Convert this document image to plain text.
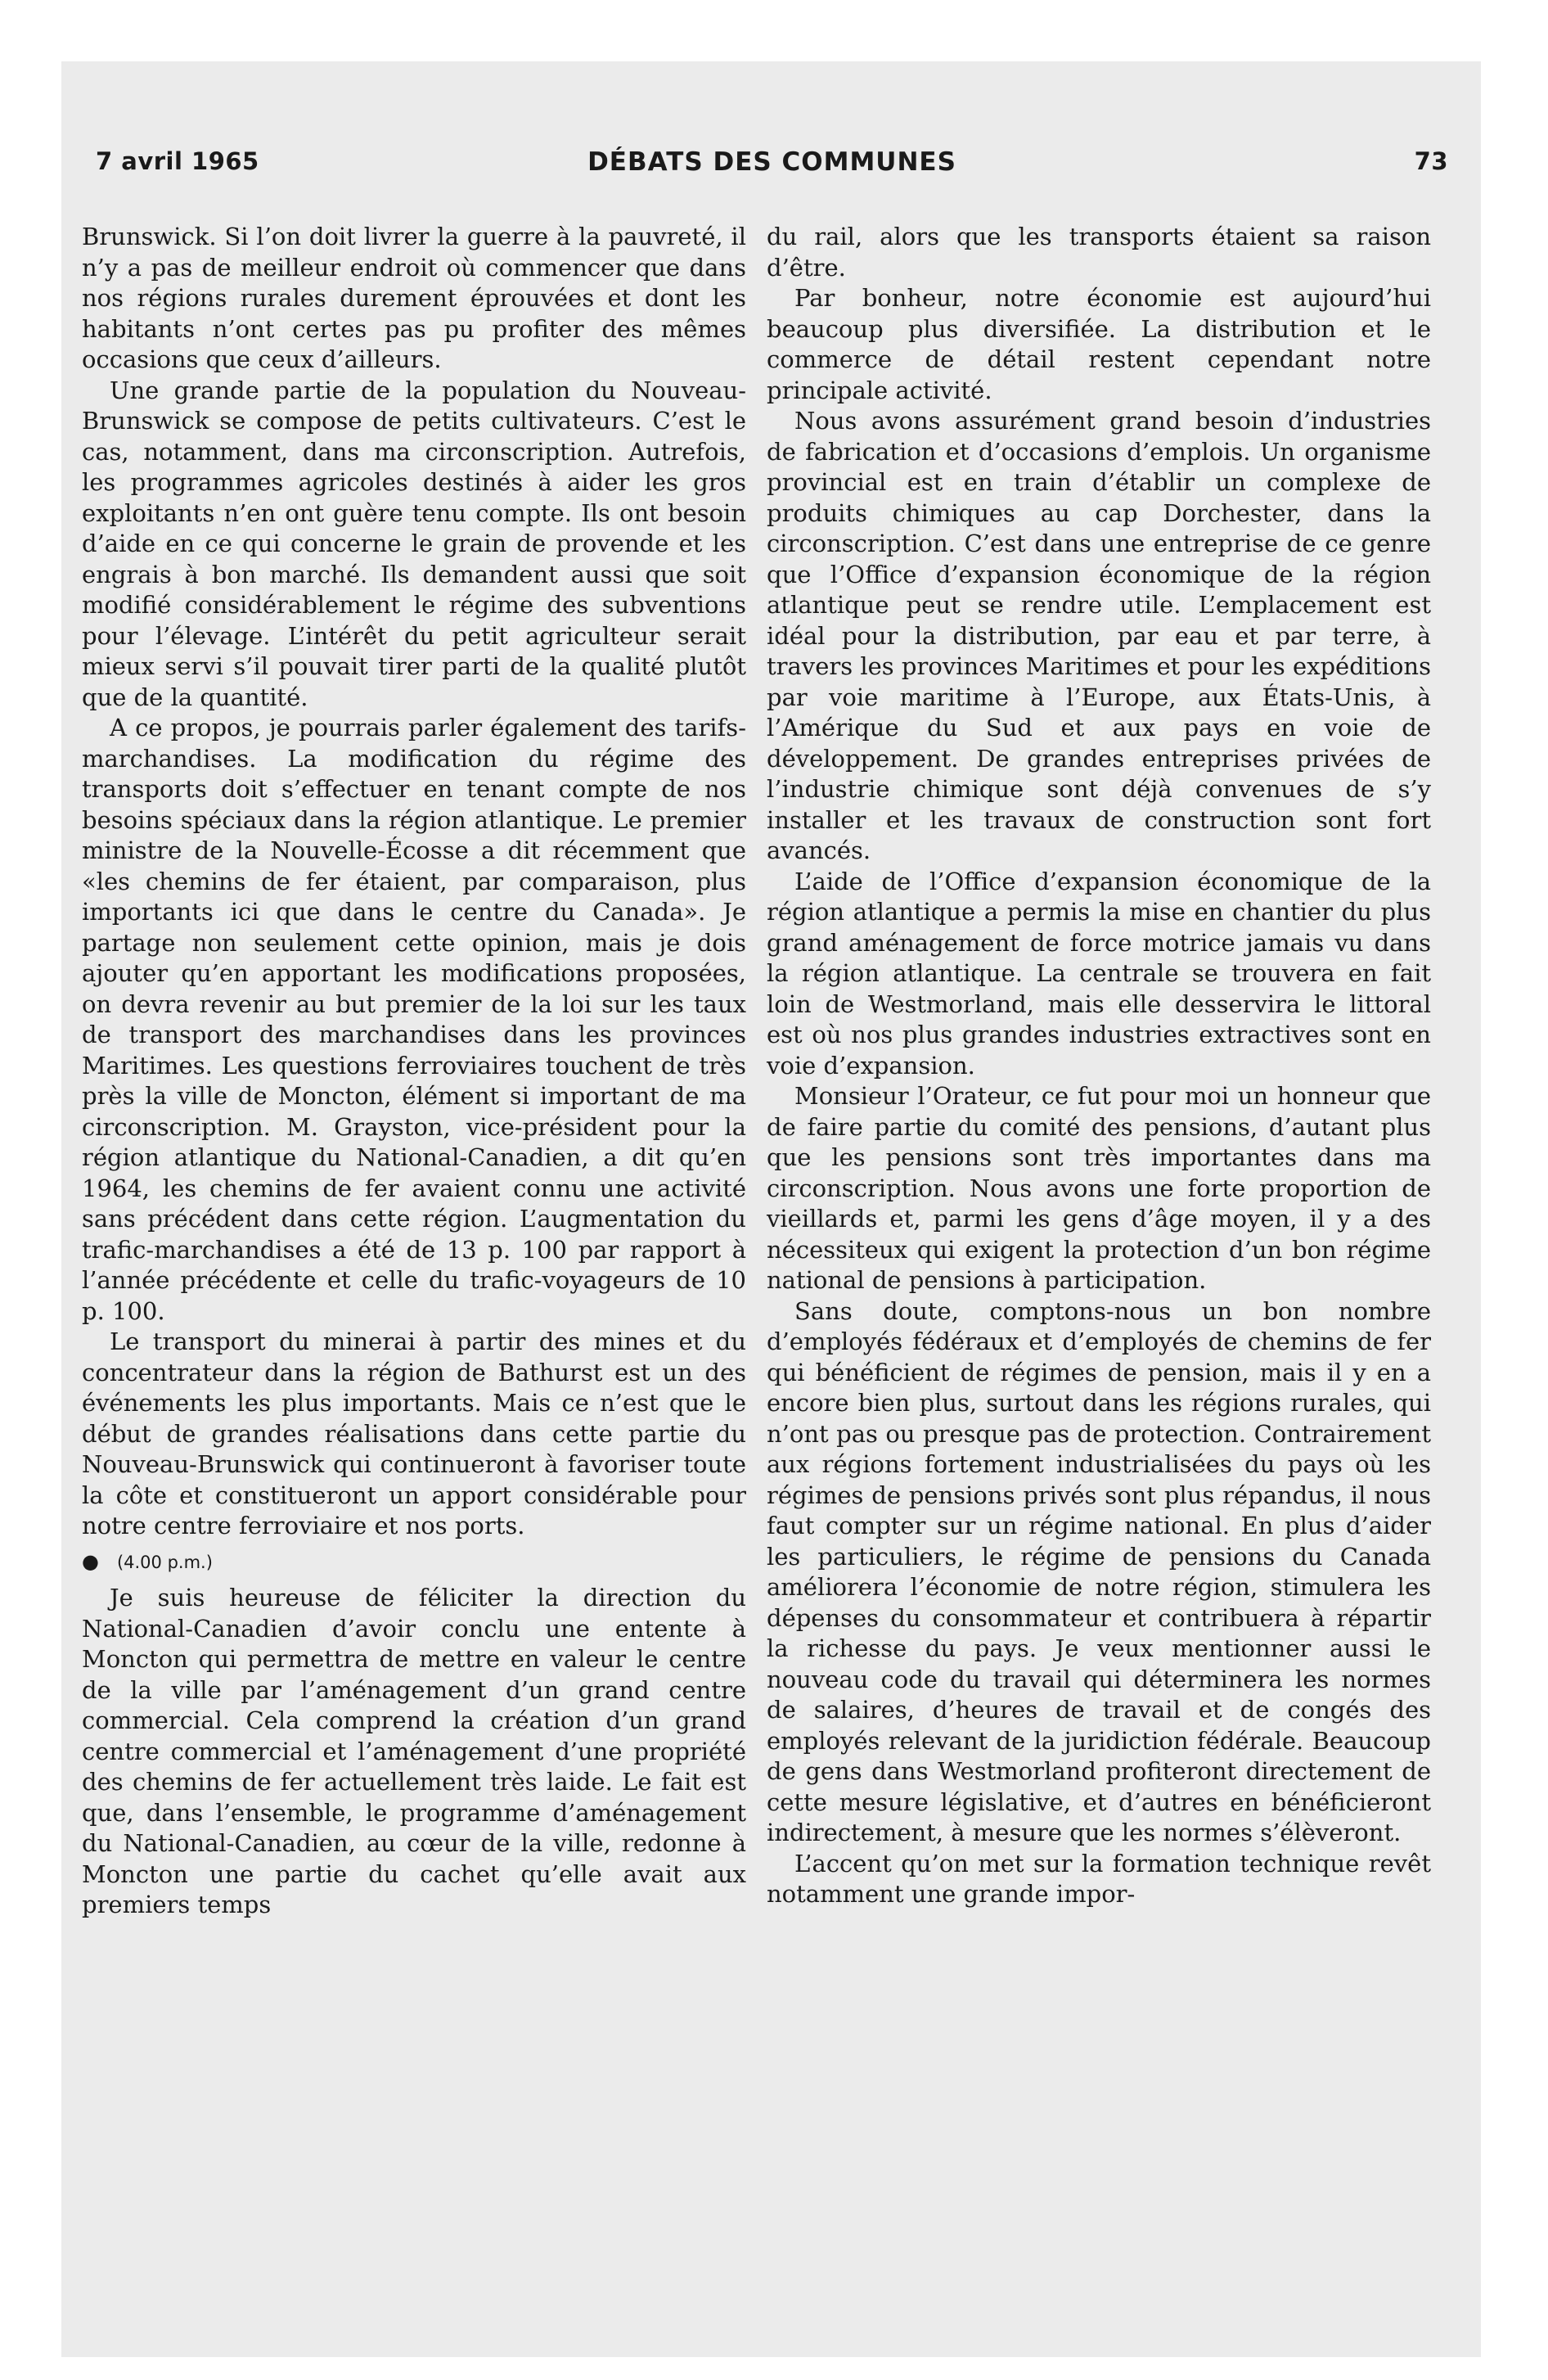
7 avril 1965	DÉBATS DES COMMUNES	73

Brunswick. Si l’on doit livrer la guerre à la pauvreté, il n’y a pas de meilleur endroit où commencer que dans nos régions rurales durement éprouvées et dont les habitants n’ont certes pas pu profiter des mêmes occasions que ceux d’ailleurs.

Une grande partie de la population du Nouveau-Brunswick se compose de petits cultivateurs. C’est le cas, notamment, dans ma circonscription. Autrefois, les programmes agricoles destinés à aider les gros exploitants n’en ont guère tenu compte. Ils ont besoin d’aide en ce qui concerne le grain de provende et les engrais à bon marché. Ils demandent aussi que soit modifié considérablement le régime des subventions pour l’élevage. L’intérêt du petit agriculteur serait mieux servi s’il pouvait tirer parti de la qualité plutôt que de la quantité.

A ce propos, je pourrais parler également des tarifs-marchandises. La modification du régime des transports doit s’effectuer en tenant compte de nos besoins spéciaux dans la région atlantique. Le premier ministre de la Nouvelle-Écosse a dit récemment que «les chemins de fer étaient, par comparaison, plus importants ici que dans le centre du Canada». Je partage non seulement cette opinion, mais je dois ajouter qu’en apportant les modifications proposées, on devra revenir au but premier de la loi sur les taux de transport des marchandises dans les provinces Maritimes. Les questions ferroviaires touchent de très près la ville de Moncton, élément si important de ma circonscription. M. Grayston, vice-président pour la région atlantique du National-Canadien, a dit qu’en 1964, les chemins de fer avaient connu une activité sans précédent dans cette région. L’augmentation du trafic-marchandises a été de 13 p. 100 par rapport à l’année précédente et celle du trafic-voyageurs de 10 p. 100.

Le transport du minerai à partir des mines et du concentrateur dans la région de Bathurst est un des événements les plus importants. Mais ce n’est que le début de grandes réalisations dans cette partie du Nouveau-Brunswick qui continueront à favoriser toute la côte et constitueront un apport considérable pour notre centre ferroviaire et nos ports.

● (4.00 p.m.)

Je suis heureuse de féliciter la direction du National-Canadien d’avoir conclu une entente à Moncton qui permettra de mettre en valeur le centre de la ville par l’aménagement d’un grand centre commercial. Cela comprend la création d’un grand centre commercial et l’aménagement d’une propriété des chemins de fer actuellement très laide. Le fait est que, dans l’ensemble, le programme d’aménagement du National-Canadien, au cœur de la ville, redonne à Moncton une partie du cachet qu’elle avait aux premiers temps

du rail, alors que les transports étaient sa raison d’être.

Par bonheur, notre économie est aujourd’hui beaucoup plus diversifiée. La distribution et le commerce de détail restent cependant notre principale activité.

Nous avons assurément grand besoin d’industries de fabrication et d’occasions d’emplois. Un organisme provincial est en train d’établir un complexe de produits chimiques au cap Dorchester, dans la circonscription. C’est dans une entreprise de ce genre que l’Office d’expansion économique de la région atlantique peut se rendre utile. L’emplacement est idéal pour la distribution, par eau et par terre, à travers les provinces Maritimes et pour les expéditions par voie maritime à l’Europe, aux États-Unis, à l’Amérique du Sud et aux pays en voie de développement. De grandes entreprises privées de l’industrie chimique sont déjà convenues de s’y installer et les travaux de construction sont fort avancés.

L’aide de l’Office d’expansion économique de la région atlantique a permis la mise en chantier du plus grand aménagement de force motrice jamais vu dans la région atlantique. La centrale se trouvera en fait loin de Westmorland, mais elle desservira le littoral est où nos plus grandes industries extractives sont en voie d’expansion.

Monsieur l’Orateur, ce fut pour moi un honneur que de faire partie du comité des pensions, d’autant plus que les pensions sont très importantes dans ma circonscription. Nous avons une forte proportion de vieillards et, parmi les gens d’âge moyen, il y a des nécessiteux qui exigent la protection d’un bon régime national de pensions à participation.

Sans doute, comptons-nous un bon nombre d’employés fédéraux et d’employés de chemins de fer qui bénéficient de régimes de pension, mais il y en a encore bien plus, surtout dans les régions rurales, qui n’ont pas ou presque pas de protection. Contrairement aux régions fortement industrialisées du pays où les régimes de pensions privés sont plus répandus, il nous faut compter sur un régime national. En plus d’aider les particuliers, le régime de pensions du Canada améliorera l’économie de notre région, stimulera les dépenses du consommateur et contribuera à répartir la richesse du pays. Je veux mentionner aussi le nouveau code du travail qui déterminera les normes de salaires, d’heures de travail et de congés des employés relevant de la juridiction fédérale. Beaucoup de gens dans Westmorland profiteront directement de cette mesure législative, et d’autres en bénéficieront indirectement, à mesure que les normes s’élèveront.

L’accent qu’on met sur la formation technique revêt notamment une grande impor-
